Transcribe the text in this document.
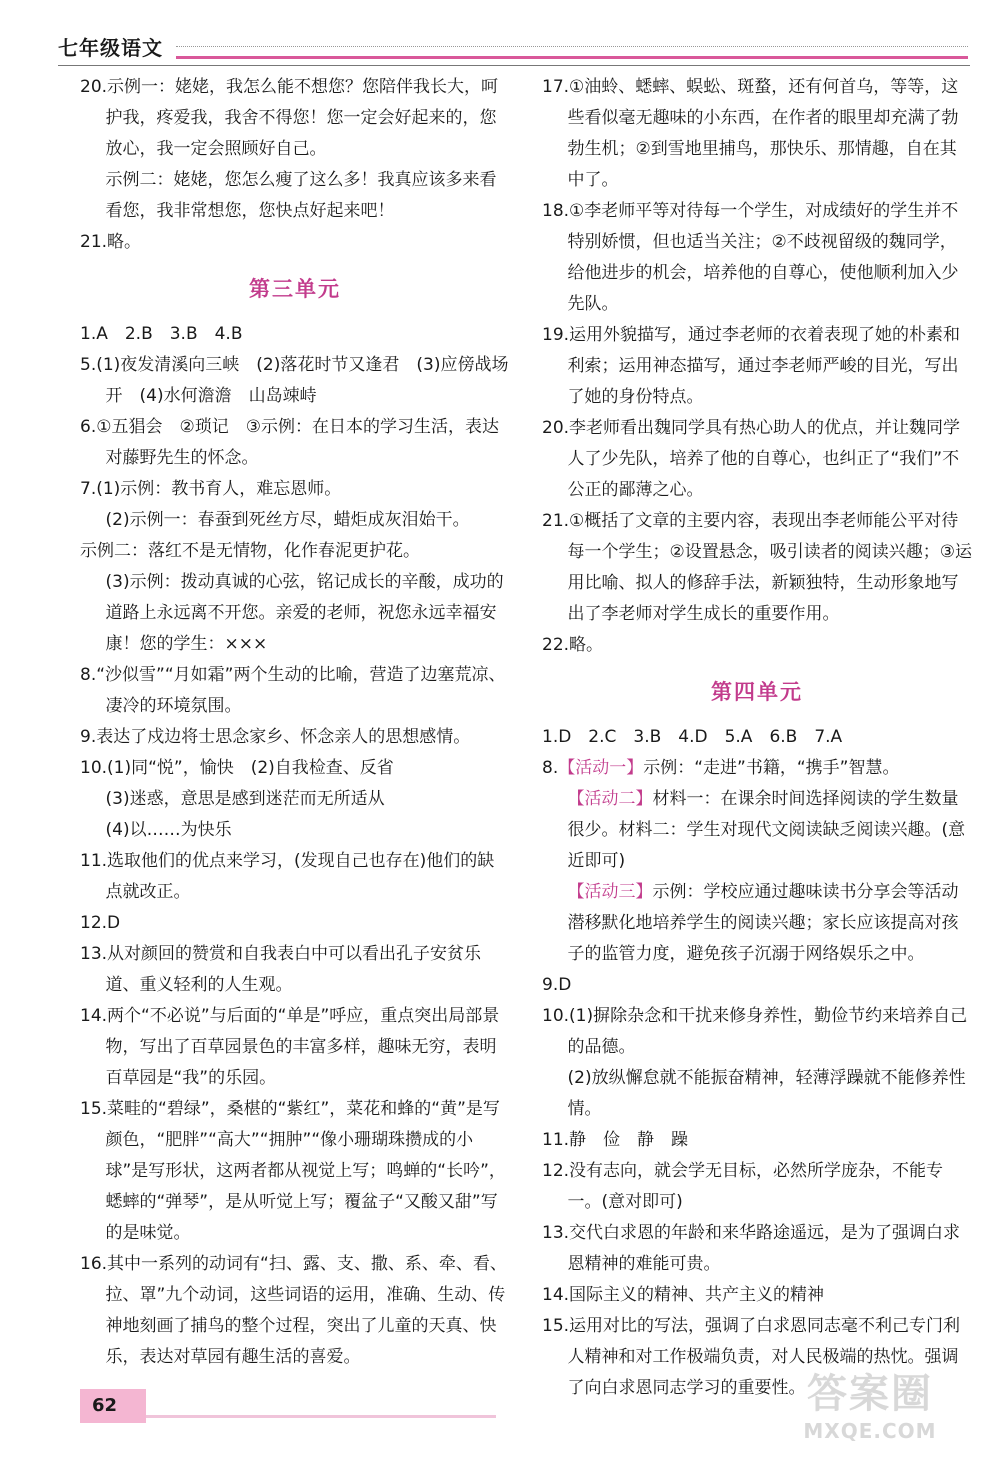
七年级语文

20.示例一：姥姥，我怎么能不想您？您陪伴我长大，呵护我，疼爱我，我舍不得您！您一定会好起来的，您放心，我一定会照顾好自己。

示例二：姥姥，您怎么瘦了这么多！我真应该多来看看您，我非常想您，您快点好起来吧！

21.略。

第三单元

1.A　2.B　3.B　4.B

5.(1)夜发清溪向三峡　(2)落花时节又逢君　(3)应傍战场开　(4)水何澹澹　山岛竦峙

6.①五猖会　②琐记　③示例：在日本的学习生活，表达对藤野先生的怀念。

7.(1)示例：教书育人，难忘恩师。

(2)示例一：春蚕到死丝方尽，蜡炬成灰泪始干。

示例二：落红不是无情物，化作春泥更护花。

(3)示例：拨动真诚的心弦，铭记成长的辛酸，成功的道路上永远离不开您。亲爱的老师，祝您永远幸福安康！您的学生：×××

8.“沙似雪”“月如霜”两个生动的比喻，营造了边塞荒凉、凄冷的环境氛围。

9.表达了戍边将士思念家乡、怀念亲人的思想感情。

10.(1)同“悦”，愉快　(2)自我检查、反省

(3)迷惑，意思是感到迷茫而无所适从

(4)以……为快乐

11.选取他们的优点来学习，(发现自己也存在)他们的缺点就改正。

12.D

13.从对颜回的赞赏和自我表白中可以看出孔子安贫乐道、重义轻利的人生观。

14.两个“不必说”与后面的“单是”呼应，重点突出局部景物，写出了百草园景色的丰富多样，趣味无穷，表明百草园是“我”的乐园。

15.菜畦的“碧绿”，桑椹的“紫红”，菜花和蜂的“黄”是写颜色，“肥胖”“高大”“拥肿”“像小珊瑚珠攒成的小球”是写形状，这两者都从视觉上写；鸣蝉的“长吟”，蟋蟀的“弹琴”，是从听觉上写；覆盆子“又酸又甜”写的是味觉。

16.其中一系列的动词有“扫、露、支、撒、系、牵、看、拉、罩”九个动词，这些词语的运用，准确、生动、传神地刻画了捕鸟的整个过程，突出了儿童的天真、快乐，表达对草园有趣生活的喜爱。

17.①油蛉、蟋蟀、蜈蚣、斑蝥，还有何首乌，等等，这些看似毫无趣味的小东西，在作者的眼里却充满了勃勃生机；②到雪地里捕鸟，那快乐、那情趣，自在其中了。

18.①李老师平等对待每一个学生，对成绩好的学生并不特别娇惯，但也适当关注；②不歧视留级的魏同学，给他进步的机会，培养他的自尊心，使他顺利加入少先队。

19.运用外貌描写，通过李老师的衣着表现了她的朴素和利索；运用神态描写，通过李老师严峻的目光，写出了她的身份特点。

20.李老师看出魏同学具有热心助人的优点，并让魏同学人了少先队，培养了他的自尊心，也纠正了“我们”不公正的鄙薄之心。

21.①概括了文章的主要内容，表现出李老师能公平对待每一个学生；②设置悬念，吸引读者的阅读兴趣；③运用比喻、拟人的修辞手法，新颖独特，生动形象地写出了李老师对学生成长的重要作用。

22.略。

第四单元

1.D　2.C　3.B　4.D　5.A　6.B　7.A

8.【活动一】示例：“走进”书籍，“携手”智慧。

【活动二】材料一：在课余时间选择阅读的学生数量很少。材料二：学生对现代文阅读缺乏阅读兴趣。(意近即可)

【活动三】示例：学校应通过趣味读书分享会等活动潜移默化地培养学生的阅读兴趣；家长应该提高对孩子的监管力度，避免孩子沉溺于网络娱乐之中。

9.D

10.(1)摒除杂念和干扰来修身养性，勤俭节约来培养自己的品德。

(2)放纵懈怠就不能振奋精神，轻薄浮躁就不能修养性情。

11.静　俭　静　躁

12.没有志向，就会学无目标，必然所学庞杂，不能专一。(意对即可)

13.交代白求恩的年龄和来华路途遥远，是为了强调白求恩精神的难能可贵。

14.国际主义的精神、共产主义的精神

15.运用对比的写法，强调了白求恩同志毫不利己专门利人精神和对工作极端负责，对人民极端的热忱。强调了向白求恩同志学习的重要性。

62	答案圈
MXQE.COM
